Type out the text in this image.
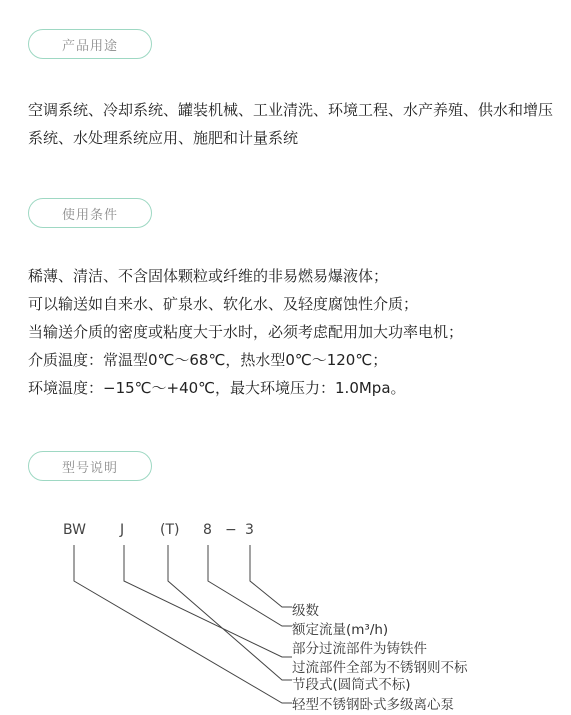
产品用途

空调系统、冷却系统、罐装机械、工业清洗、环境工程、水产养殖、供水和增压系统、水处理系统应用、施肥和计量系统

使用条件

稀薄、清洁、不含固体颗粒或纤维的非易燃易爆液体；

可以输送如自来水、矿泉水、软化水、及轻度腐蚀性介质；

当输送介质的密度或粘度大于水时，必须考虑配用加大功率电机；

介质温度：常温型0℃～68℃，热水型0℃～120℃；

环境温度：−15℃～+40℃，最大环境压力：1.0Mpa。

型号说明
BW J	(T) 8 − 3
级数
额定流量(m³/h)
部分过流部件为铸铁件
过流部件全部为不锈钢则不标
节段式(圆筒式不标)
轻型不锈钢卧式多级离心泵
